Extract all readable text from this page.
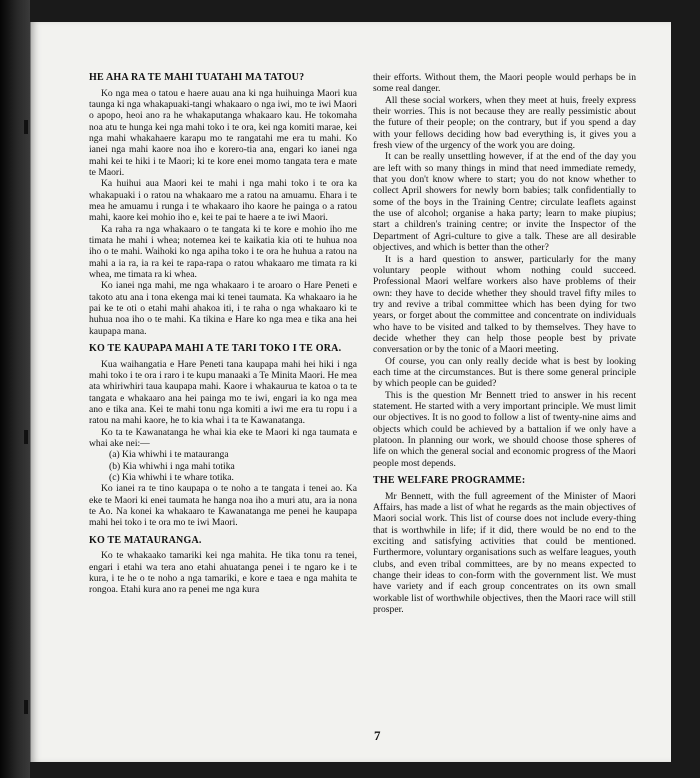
HE AHA RA TE MAHI TUATAHI MA TATOU?

Ko nga mea o tatou e haere auau ana ki nga huihuinga Maori kua taunga ki nga whakapuaki-tangi whakaaro o nga iwi, mo te iwi Maori o apopo, heoi ano ra he whakaputanga whakaaro kau. He tokomaha noa atu te hunga kei nga mahi toko i te ora, kei nga komiti marae, kei nga mahi whakahaere karapu mo te rangatahi me era tu mahi. Ko ianei nga mahi kaore noa iho e korero-tia ana, engari ko ianei nga mahi kei te hiki i te Maori; ki te kore enei momo tangata tera e mate te Maori.

Ka huihui aua Maori kei te mahi i nga mahi toko i te ora ka whakapuaki i o ratou na whakaaro me a ratou na amuamu. Ehara i te mea he amuamu i runga i te whakaaro iho kaore he painga o a ratou mahi, kaore kei mohio iho e, kei te pai te haere a te iwi Maori.

Ka raha ra nga whakaaro o te tangata ki te kore e mohio iho me timata he mahi i whea; notemea kei te kaikatia kia oti te huhua noa iho o te mahi. Waihoki ko nga apiha toko i te ora he huhua a ratou na mahi a ia ra, ia ra kei te rapa-rapa o ratou whakaaro me timata ra ki whea, me timata ra ki whea.

Ko ianei nga mahi, me nga whakaaro i te aroaro o Hare Peneti e takoto atu ana i tona ekenga mai ki tenei taumata. Ka whakaaro ia he pai ke te oti o etahi mahi ahakoa iti, i te raha o nga whakaaro ki te huhua noa iho o te mahi. Ka tikina e Hare ko nga mea e tika ana hei kaupapa mana.

KO TE KAUPAPA MAHI A TE TARI TOKO I TE ORA.

Kua waihangatia e Hare Peneti tana kaupapa mahi hei hiki i nga mahi toko i te ora i raro i te kupu manaaki a Te Minita Maori. He mea ata whiriwhiri taua kaupapa mahi. Kaore i whakaurua te katoa o ta te tangata e whakaaro ana hei painga mo te iwi, engari ia ko nga mea ano e tika ana. Kei te mahi tonu nga komiti a iwi me era tu ropu i a ratou na mahi kaore, he to kia whai i ta te Kawanatanga.

Ko ta te Kawanatanga he whai kia eke te Maori ki nga taumata e whai ake nei:—

(a) Kia whiwhi i te matauranga
(b) Kia whiwhi i nga mahi totika
(c) Kia whiwhi i te whare totika.

Ko ianei ra te tino kaupapa o te noho a te tangata i tenei ao. Ka eke te Maori ki enei taumata he hanga noa iho a muri atu, ara ia nona te Ao. Na konei ka whakaaro te Kawanatanga me penei he kaupapa mahi hei toko i te ora mo te iwi Maori.

KO TE MATAURANGA.

Ko te whakaako tamariki kei nga mahita. He tika tonu ra tenei, engari i etahi wa tera ano etahi ahuatanga penei i te ngaro ke i te kura, i te he o te noho a nga tamariki, e kore e taea e nga mahita te rongoa. Etahi kura ano ra penei me nga kura

their efforts. Without them, the Maori people would perhaps be in some real danger.

All these social workers, when they meet at huis, freely express their worries. This is not because they are really pessimistic about the future of their people; on the contrary, but if you spend a day with your fellows deciding how bad everything is, it gives you a fresh view of the urgency of the work you are doing.

It can be really unsettling however, if at the end of the day you are left with so many things in mind that need immediate remedy, that you don't know where to start; you do not know whether to collect April showers for newly born babies; talk confidentially to some of the boys in the Training Centre; circulate leaflets against the use of alcohol; organise a haka party; learn to make piupius; start a children's training centre; or invite the Inspector of the Department of Agri-culture to give a talk. These are all desirable objectives, and which is better than the other?

It is a hard question to answer, particularly for the many voluntary people without whom nothing could succeed. Professional Maori welfare workers also have problems of their own: they have to decide whether they should travel fifty miles to try and revive a tribal committee which has been dying for two years, or forget about the committee and concentrate on individuals who have to be visited and talked to by themselves. They have to decide whether they can help those people best by private conversation or by the tonic of a Maori meeting.

Of course, you can only really decide what is best by looking each time at the circumstances. But is there some general principle by which people can be guided?

This is the question Mr Bennett tried to answer in his recent statement. He started with a very important principle. We must limit our objectives. It is no good to follow a list of twenty-nine aims and objects which could be achieved by a battalion if we only have a platoon. In planning our work, we should choose those spheres of life on which the general social and economic progress of the Maori people most depends.

THE WELFARE PROGRAMME:

Mr Bennett, with the full agreement of the Minister of Maori Affairs, has made a list of what he regards as the main objectives of Maori social work. This list of course does not include every-thing that is worthwhile in life; if it did, there would be no end to the exciting and satisfying activities that could be mentioned. Furthermore, voluntary organisations such as welfare leagues, youth clubs, and even tribal committees, are by no means expected to change their ideas to con-form with the government list. We must have variety and if each group concentrates on its own small workable list of worthwhile objectives, then the Maori race will still prosper.

7
